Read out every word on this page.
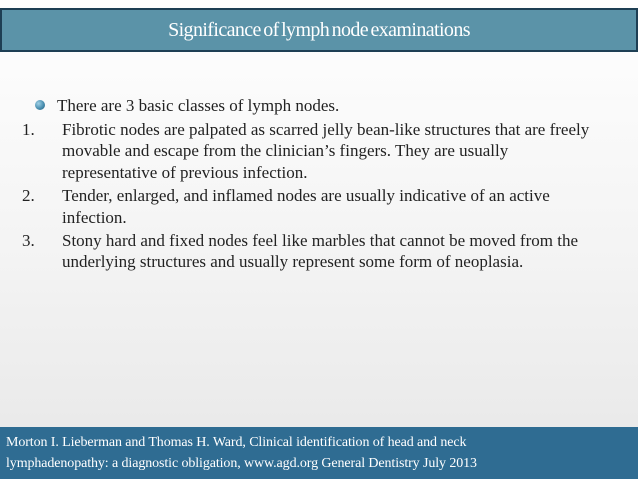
Significance of lymph node examinations
There are 3 basic classes of lymph nodes.
1. Fibrotic nodes are palpated as scarred jelly bean-like structures that are freely movable and escape from the clinician’s fingers. They are usually representative of previous infection.
2. Tender, enlarged, and inflamed nodes are usually indicative of an active infection.
3. Stony hard and fixed nodes feel like marbles that cannot be moved from the underlying structures and usually represent some form of neoplasia.
Morton I. Lieberman and Thomas H. Ward, Clinical identification of head and neck
lymphadenopathy: a diagnostic obligation, www.agd.org General Dentistry July 2013
